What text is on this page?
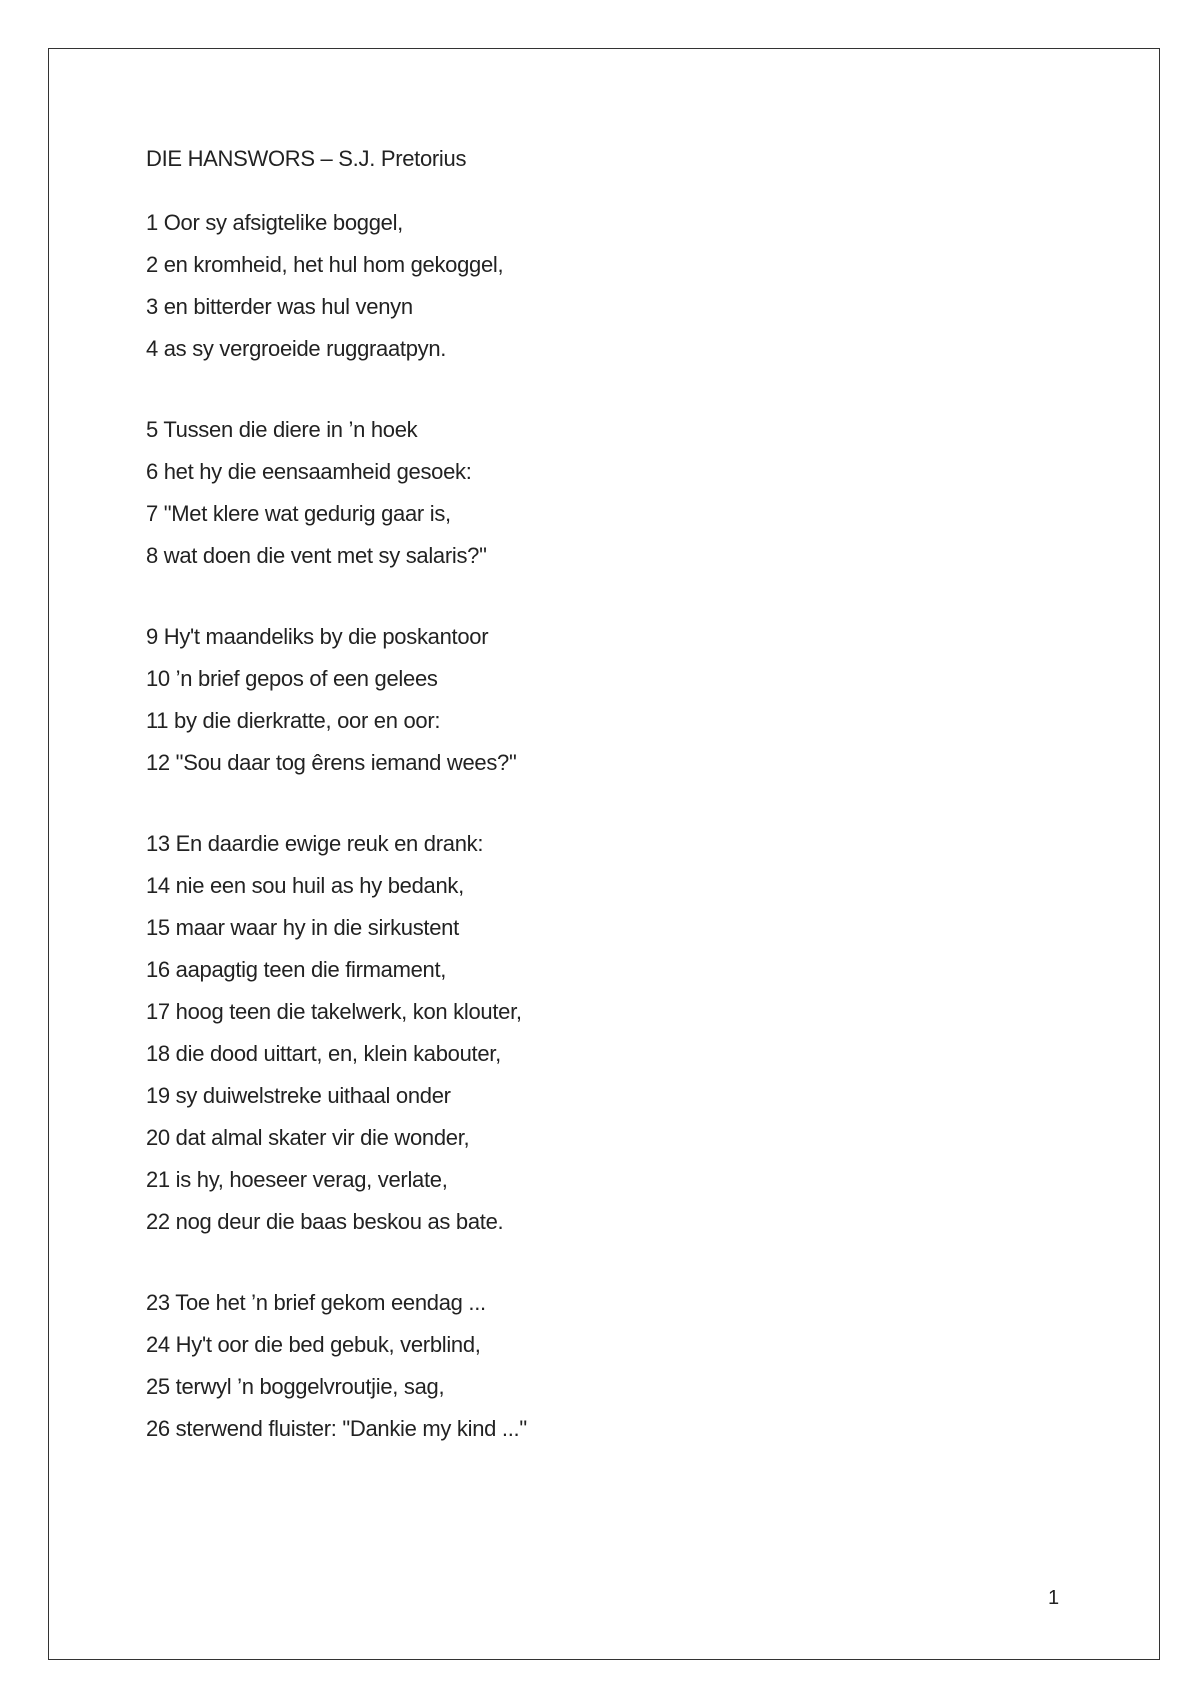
DIE HANSWORS – S.J. Pretorius
1 Oor sy afsigtelike boggel,
2 en kromheid, het hul hom gekoggel,
3 en bitterder was hul venyn
4 as sy vergroeide ruggraatpyn.
5 Tussen die diere in ’n hoek
6 het hy die eensaamheid gesoek:
7 "Met klere wat gedurig gaar is,
8 wat doen die vent met sy salaris?"
9 Hy't maandeliks by die poskantoor
10 ’n brief gepos of een gelees
11 by die dierkratte, oor en oor:
12 "Sou daar tog êrens iemand wees?"
13 En daardie ewige reuk en drank:
14 nie een sou huil as hy bedank,
15 maar waar hy in die sirkustent
16 aapagtig teen die firmament,
17 hoog teen die takelwerk, kon klouter,
18 die dood uittart, en, klein kabouter,
19 sy duiwelstreke uithaal onder
20 dat almal skater vir die wonder,
21 is hy, hoeseer verag, verlate,
22 nog deur die baas beskou as bate.
23 Toe het ’n brief gekom eendag ...
24 Hy't oor die bed gebuk, verblind,
25 terwyl ’n boggelvroutjie, sag,
26 sterwend fluister: "Dankie my kind ..."
1
